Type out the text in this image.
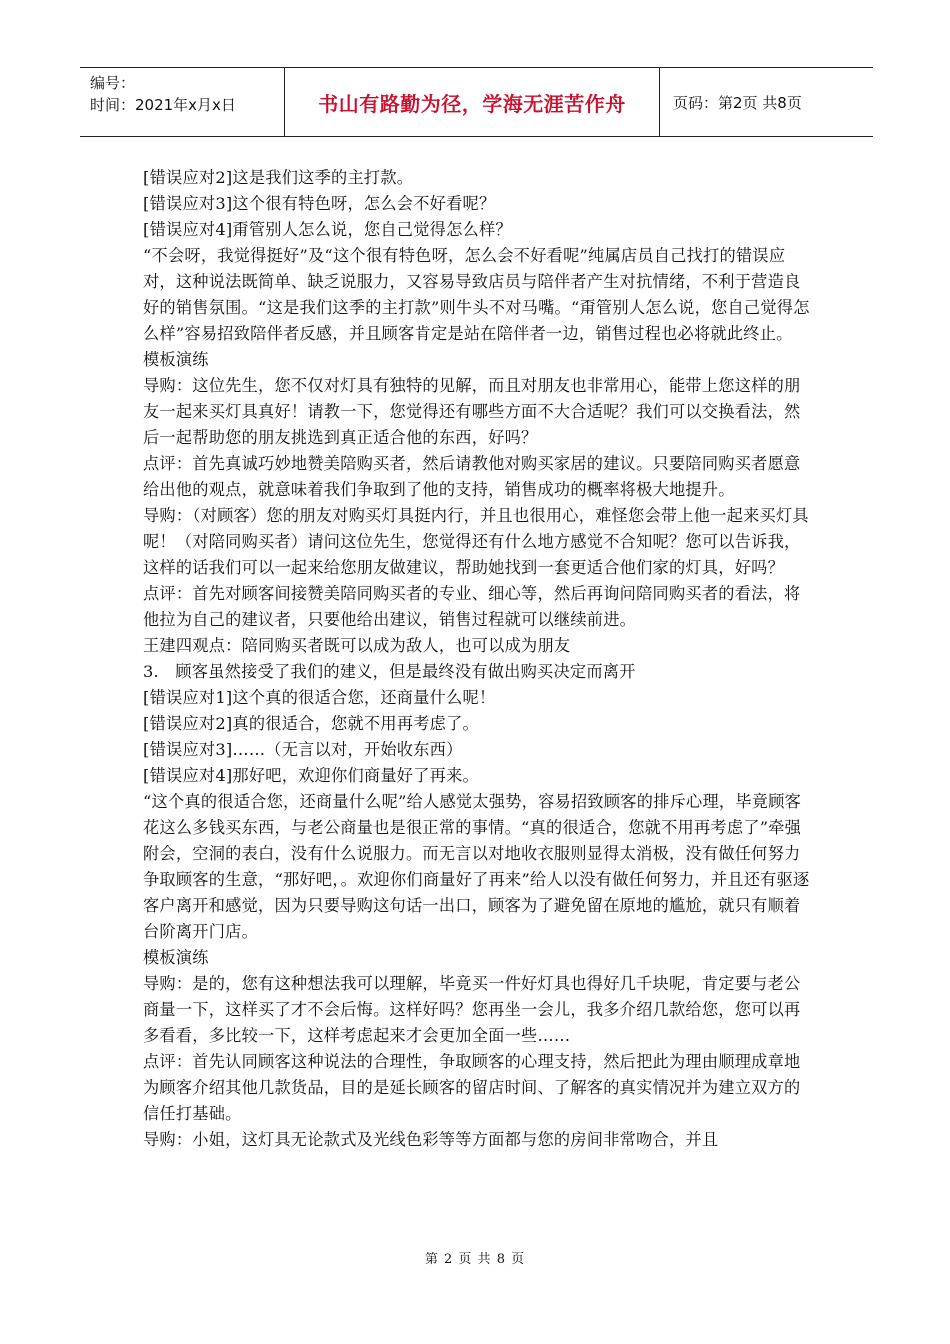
编号：
时间：2021年x月x日	书山有路勤为径，学海无涯苦作舟	页码：第2页 共8页

[错误应对2]这是我们这季的主打款。

[错误应对3]这个很有特色呀，怎么会不好看呢？

[错误应对4]甭管别人怎么说，您自己觉得怎么样？

“不会呀，我觉得挺好”及“这个很有特色呀，怎么会不好看呢”纯属店员自己找打的错误应对，这种说法既简单、缺乏说服力，又容易导致店员与陪伴者产生对抗情绪，不利于营造良好的销售氛围。“这是我们这季的主打款”则牛头不对马嘴。“甭管别人怎么说，您自己觉得怎么样”容易招致陪伴者反感，并且顾客肯定是站在陪伴者一边，销售过程也必将就此终止。

模板演练

导购：这位先生，您不仅对灯具有独特的见解，而且对朋友也非常用心，能带上您这样的朋友一起来买灯具真好！请教一下，您觉得还有哪些方面不大合适呢？我们可以交换看法，然后一起帮助您的朋友挑选到真正适合他的东西，好吗？

点评：首先真诚巧妙地赞美陪购买者，然后请教他对购买家居的建议。只要陪同购买者愿意给出他的观点，就意味着我们争取到了他的支持，销售成功的概率将极大地提升。

导购：（对顾客）您的朋友对购买灯具挺内行，并且也很用心，难怪您会带上他一起来买灯具呢！（对陪同购买者）请问这位先生，您觉得还有什么地方感觉不合知呢？您可以告诉我，这样的话我们可以一起来给您朋友做建议，帮助她找到一套更适合他们家的灯具，好吗？

点评：首先对顾客间接赞美陪同购买者的专业、细心等，然后再询问陪同购买者的看法，将他拉为自己的建议者，只要他给出建议，销售过程就可以继续前进。

王建四观点：陪同购买者既可以成为敌人，也可以成为朋友

3.　顾客虽然接受了我们的建义，但是最终没有做出购买决定而离开

[错误应对1]这个真的很适合您，还商量什么呢！

[错误应对2]真的很适合，您就不用再考虑了。

[错误应对3]……（无言以对，开始收东西）

[错误应对4]那好吧，欢迎你们商量好了再来。

“这个真的很适合您，还商量什么呢”给人感觉太强势，容易招致顾客的排斥心理，毕竟顾客花这么多钱买东西，与老公商量也是很正常的事情。“真的很适合，您就不用再考虑了”牵强附会，空洞的表白，没有什么说服力。而无言以对地收衣服则显得太消极，没有做任何努力争取顾客的生意，“那好吧，。欢迎你们商量好了再来”给人以没有做任何努力，并且还有驱逐客户离开和感觉，因为只要导购这句话一出口，顾客为了避免留在原地的尴尬，就只有顺着台阶离开门店。

模板演练

导购：是的，您有这种想法我可以理解，毕竟买一件好灯具也得好几千块呢，肯定要与老公商量一下，这样买了才不会后悔。这样好吗？您再坐一会儿，我多介绍几款给您，您可以再多看看，多比较一下，这样考虑起来才会更加全面一些……

点评：首先认同顾客这种说法的合理性，争取顾客的心理支持，然后把此为理由顺理成章地为顾客介绍其他几款货品，目的是延长顾客的留店时间、了解客的真实情况并为建立双方的信任打基础。

导购：小姐，这灯具无论款式及光线色彩等等方面都与您的房间非常吻合，并且

第 2 页 共 8 页
